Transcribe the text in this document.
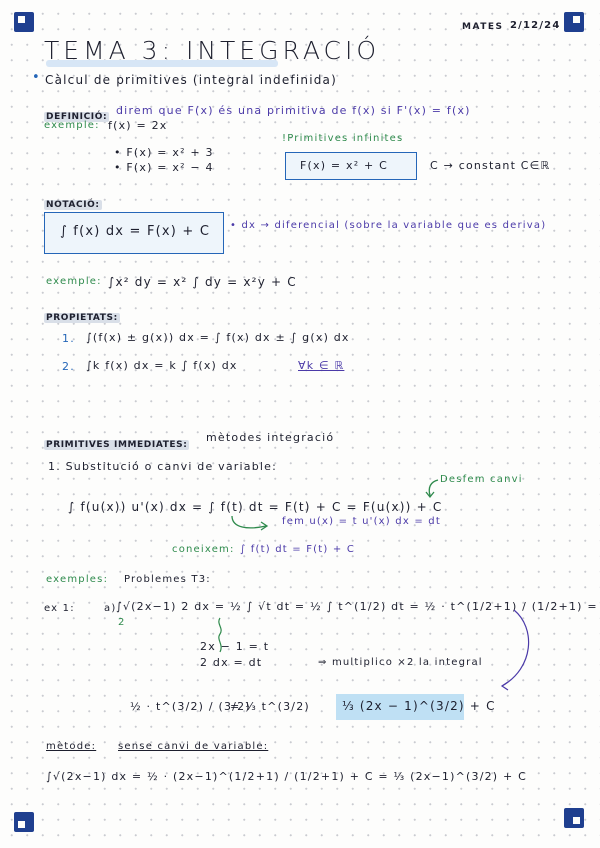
MATES 2/12/24
TEMA 3: INTEGRACIÓ
• Càlcul de primitives (integral indefinida)
DEFINICIÓ: direm que F(x) és una primitiva de f(x) si F'(x) = f(x)
exemple: f(x) = 2x
• F(x) = x² + 3
• F(x) = x² − 4
!Primitives infinites
F(x) = x² + C	C → constant C∈ℝ
NOTACIÓ:
∫ f(x) dx = F(x) + C • dx → diferencial (sobre la variable que es deriva)
exemple: ∫x² dy = x² ∫ dy = x²y + C
PROPIETATS:
1. ∫(f(x) ± g(x)) dx = ∫ f(x) dx ± ∫ g(x) dx
2. ∫k f(x) dx = k ∫ f(x) dx	∀k ∈ ℝ
PRIMITIVES IMMEDIATES:
mètodes integració
1. Substitució o canvi de variable:
Desfem canvi
∫ f(u(x)) u'(x) dx = ∫ f(t) dt = F(t) + C = F(u(x)) + C
fem u(x) = t u'(x) dx = dt
coneixem: ∫ f(t) dt = F(t) + C
exemples: Problemes T3:
ex 1:	a) ∫√(2x−1) 2 dx = ½ ∫ √t dt = ½ ∫ t^(1/2) dt = ½ · t^(1/2+1) / (1/2+1) =
2
2x − 1 = t
2 dx = dt	⇒ multiplico ×2 la integral
½ · t^(3/2) / (3/2)
= ⅓ t^(3/2)	⅓ (2x − 1)^(3/2) + C
mètode: sense canvi de variable:
∫√(2x−1) dx = ½ · (2x−1)^(1/2+1) / (1/2+1) + C = ⅓ (2x−1)^(3/2) + C
